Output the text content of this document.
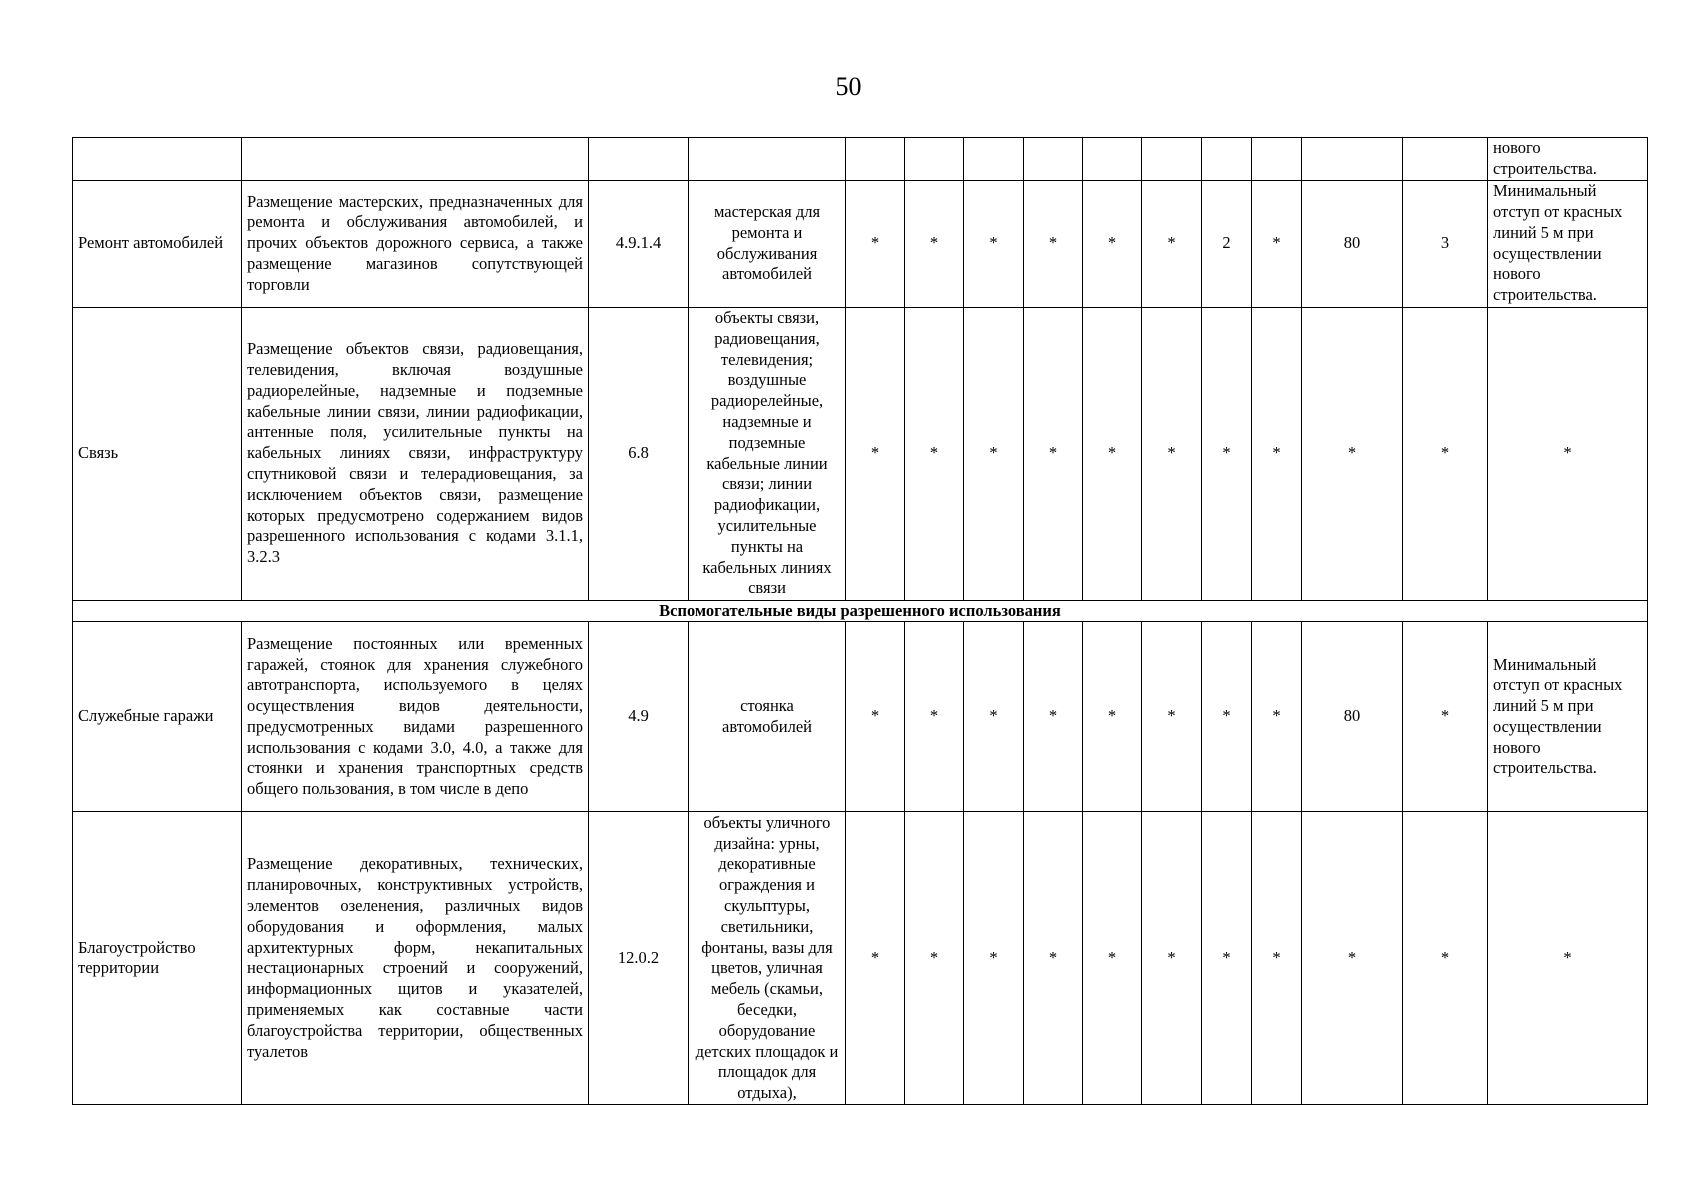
50
														нового строительства.
Ремонт автомобилей	Размещение мастерских, предназначенных для ремонта и обслуживания автомобилей, и прочих объектов дорожного сервиса, а также размещение магазинов сопутствующей торговли	4.9.1.4	мастерская для ремонта и обслуживания автомобилей	*	*	*	*	*	*	2	*	80	3	Минимальный отступ от красных линий 5 м при осуществлении нового строительства.
Связь	Размещение объектов связи, радиовещания, телевидения, включая воздушные радиорелейные, надземные и подземные кабельные линии связи, линии радиофикации, антенные поля, усилительные пункты на кабельных линиях связи, инфраструктуру спутниковой связи и телерадиовещания, за исключением объектов связи, размещение которых предусмотрено содержанием видов разрешенного использования с кодами 3.1.1, 3.2.3	6.8	объекты связи, радиовещания, телевидения; воздушные радиорелейные, надземные и подземные кабельные линии связи; линии радиофикации, усилительные пункты на кабельных линиях связи	*	*	*	*	*	*	*	*	*	*	*
Вспомогательные виды разрешенного использования														
Служебные гаражи	Размещение постоянных или временных гаражей, стоянок для хранения служебного автотранспорта, используемого в целях осуществления видов деятельности, предусмотренных видами разрешенного использования с кодами 3.0, 4.0, а также для стоянки и хранения транспортных средств общего пользования, в том числе в депо	4.9	стоянка автомобилей	*	*	*	*	*	*	*	*	80	*	Минимальный отступ от красных линий 5 м при осуществлении нового строительства.
Благоустройство территории	Размещение декоративных, технических, планировочных, конструктивных устройств, элементов озеленения, различных видов оборудования и оформления, малых архитектурных форм, некапитальных нестационарных строений и сооружений, информационных щитов и указателей, применяемых как составные части благоустройства территории, общественных туалетов	12.0.2	объекты уличного дизайна: урны, декоративные ограждения и скульптуры, светильники, фонтаны, вазы для цветов, уличная мебель (скамьи, беседки, оборудование детских площадок и площадок для отдыха),	*	*	*	*	*	*	*	*	*	*	*
